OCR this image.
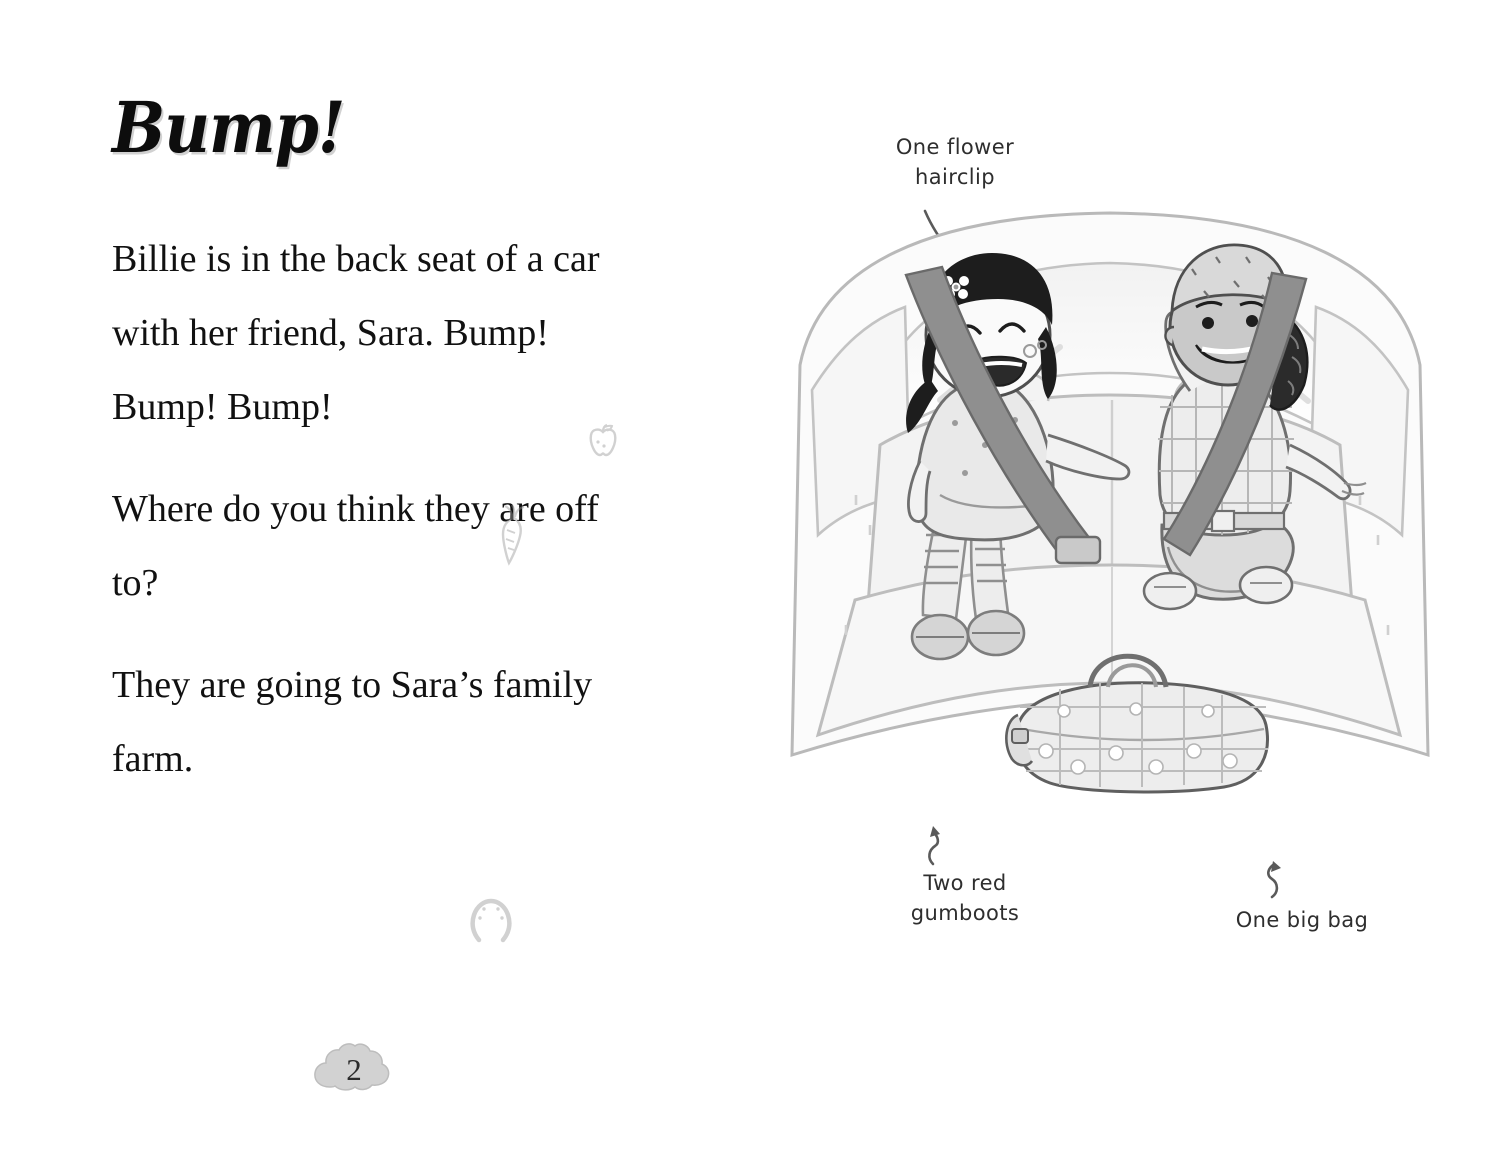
Bump!

Billie is in the back seat of a car with her friend, Sara. Bump! Bump! Bump!

Where do you think they are off to?

They are going to Sara’s family farm.

2
One flower hairclip
Two red gumboots	One big bag
